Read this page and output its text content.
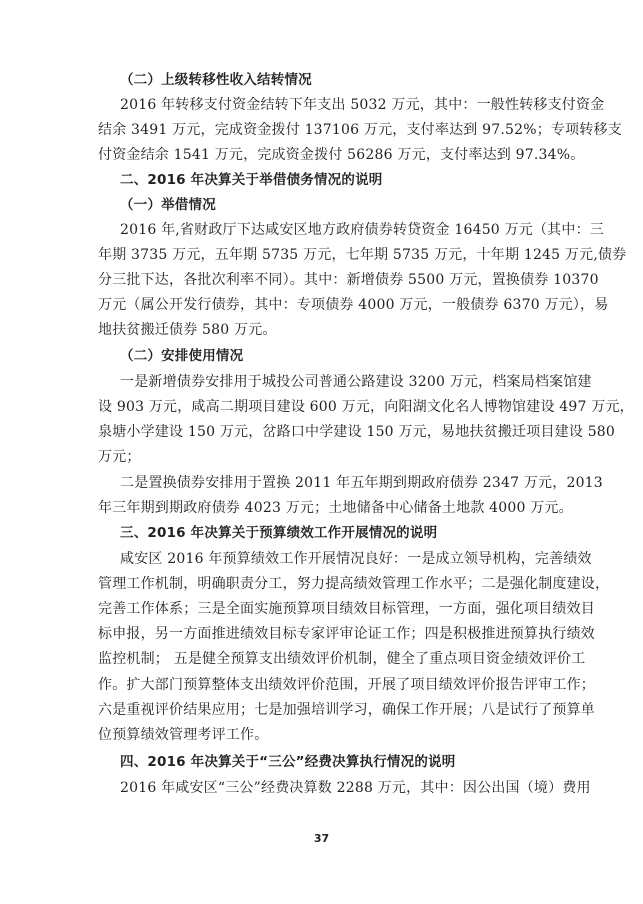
（二）上级转移性收入结转情况
2016 年转移支付资金结转下年支出 5032 万元，其中：一般性转移支付资金
结余 3491 万元，完成资金拨付 137106 万元，支付率达到 97.52%；专项转移支
付资金结余 1541 万元，完成资金拨付 56286 万元，支付率达到 97.34%。
二、2016 年决算关于举借债务情况的说明
（一）举借情况
2016 年,省财政厅下达咸安区地方政府债券转贷资金 16450 万元（其中：三
年期 3735 万元，五年期 5735 万元，七年期 5735 万元，十年期 1245 万元,债券
分三批下达，各批次利率不同）。其中：新增债券 5500 万元，置换债券 10370
万元（属公开发行债券，其中：专项债券 4000 万元，一般债券 6370 万元），易
地扶贫搬迁债券 580 万元。
（二）安排使用情况
一是新增债券安排用于城投公司普通公路建设 3200 万元，档案局档案馆建
设 903 万元，咸高二期项目建设 600 万元，向阳湖文化名人博物馆建设 497 万元，
泉塘小学建设 150 万元，岔路口中学建设 150 万元，易地扶贫搬迁项目建设 580
万元；
二是置换债券安排用于置换 2011 年五年期到期政府债券 2347 万元，2013
年三年期到期政府债券 4023 万元；土地储备中心储备土地款 4000 万元。
三、2016 年决算关于预算绩效工作开展情况的说明
咸安区 2016 年预算绩效工作开展情况良好：一是成立领导机构，完善绩效
管理工作机制，明确职责分工，努力提高绩效管理工作水平；二是强化制度建设，
完善工作体系；三是全面实施预算项目绩效目标管理，一方面，强化项目绩效目
标申报，另一方面推进绩效目标专家评审论证工作；四是积极推进预算执行绩效
监控机制； 五是健全预算支出绩效评价机制，健全了重点项目资金绩效评价工
作。扩大部门预算整体支出绩效评价范围，开展了项目绩效评价报告评审工作；
六是重视评价结果应用；七是加强培训学习，确保工作开展；八是试行了预算单
位预算绩效管理考评工作。
四、2016 年决算关于“三公”经费决算执行情况的说明
2016 年咸安区“三公”经费决算数 2288 万元，其中：因公出国（境）费用
37
